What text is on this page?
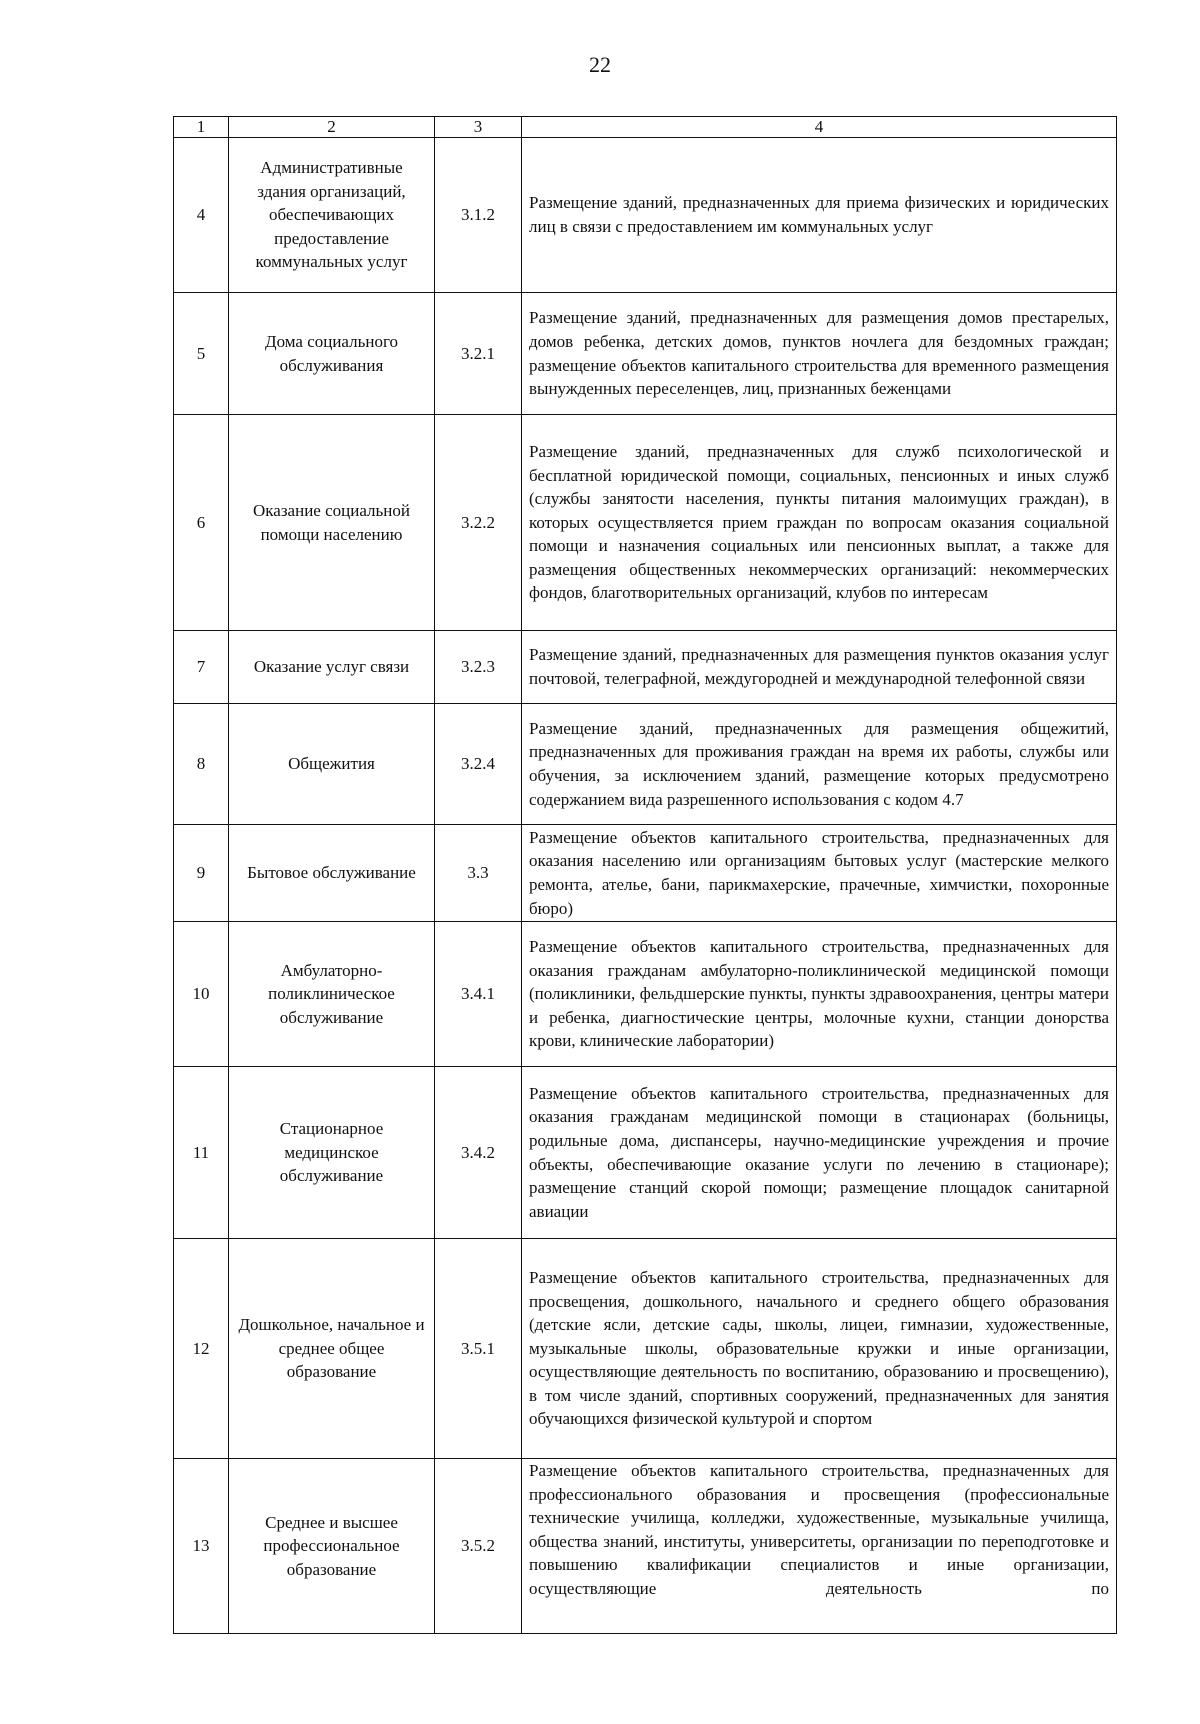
22
1	2	3	4
4	Административные здания организаций, обеспечивающих предоставление коммунальных услуг	3.1.2	Размещение зданий, предназначенных для приема физических и юридических лиц в связи с предоставлением им коммунальных услуг
5	Дома социального обслуживания	3.2.1	Размещение зданий, предназначенных для размещения домов престарелых, домов ребенка, детских домов, пунктов ночлега для бездомных граждан; размещение объектов капитального строительства для временного размещения вынужденных переселенцев, лиц, признанных беженцами
6	Оказание социальной помощи населению	3.2.2	Размещение зданий, предназначенных для служб психологической и бесплатной юридической помощи, социальных, пенсионных и иных служб (службы занятости населения, пункты питания малоимущих граждан), в которых осуществляется прием граждан по вопросам оказания социальной помощи и назначения социальных или пенсионных выплат, а также для размещения общественных некоммерческих организаций: некоммерческих фондов, благотворительных организаций, клубов по интересам
7	Оказание услуг связи	3.2.3	Размещение зданий, предназначенных для размещения пунктов оказания услуг почтовой, телеграфной, междугородней и международной телефонной связи
8	Общежития	3.2.4	Размещение зданий, предназначенных для размещения общежитий, предназначенных для проживания граждан на время их работы, службы или обучения, за исключением зданий, размещение которых предусмотрено содержанием вида разрешенного использования с кодом 4.7
9	Бытовое обслуживание	3.3	Размещение объектов капитального строительства, предназначенных для оказания населению или организациям бытовых услуг (мастерские мелкого ремонта, ателье, бани, парикмахерские, прачечные, химчистки, похоронные бюро)
10	Амбулаторно-поликлиническое обслуживание	3.4.1	Размещение объектов капитального строительства, предназначенных для оказания гражданам амбулаторно-поликлинической медицинской помощи (поликлиники, фельдшерские пункты, пункты здравоохранения, центры матери и ребенка, диагностические центры, молочные кухни, станции донорства крови, клинические лаборатории)
11	Стационарное медицинское обслуживание	3.4.2	Размещение объектов капитального строительства, предназначенных для оказания гражданам медицинской помощи в стационарах (больницы, родильные дома, диспансеры, научно-медицинские учреждения и прочие объекты, обеспечивающие оказание услуги по лечению в стационаре); размещение станций скорой помощи; размещение площадок санитарной авиации
12	Дошкольное, начальное и среднее общее образование	3.5.1	Размещение объектов капитального строительства, предназначенных для просвещения, дошкольного, начального и среднего общего образования (детские ясли, детские сады, школы, лицеи, гимназии, художественные, музыкальные школы, образовательные кружки и иные организации, осуществляющие деятельность по воспитанию, образованию и просвещению), в том числе зданий, спортивных сооружений, предназначенных для занятия обучающихся физической культурой и спортом
13	Среднее и высшее профессиональное образование	3.5.2	Размещение объектов капитального строительства, предназначенных для профессионального образования и просвещения (профессиональные технические училища, колледжи, художественные, музыкальные училища, общества знаний, институты, университеты, организации по переподготовке и повышению квалификации специалистов и иные организации, осуществляющие деятельность по
